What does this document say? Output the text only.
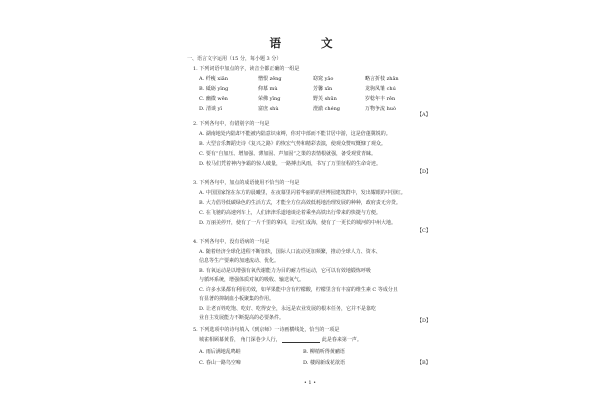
语 文
一、语言文字运用（15 分，每小题 3 分）
1. 下列词语中加点的字，读音全都正确的一组是
A. 纤瘦 xiān	憎恨 zēng	窈窕 yǎo	略言折枝 zhān
B. 砥砺 yǐng	仰慕 mù	芳馨 xīn	龙驹凤雏 chú
C. 幽微 wēn	荣佛 yīng	野芙 shūn	岁稔年丰 rěn
D. 清谈 yǐ	富庶 shù	澄澈 chéng	万物争流 huò
【A】
2. 下列各句中，有错别字的一句是
A. 湖南地处内陆却不能被内陆意识束缚，你对中部而不能甘居中游，这是倍蓬冀锐的。
B. 大型音乐舞蹈史诗《复兴之路》的恢宏气势和精彩表演，使观众赞叹慨慷了观众。
C. 要有“自加压、增加强、薄加固、声加固”之策的表情根就强，备受观赏青睐。
D. 校马们凭着神内争霸的惊人破量，一路搏击风雨，书写了万里征程的生命奇迹。
【D】
3. 下列各句中，加点的成语使用不恰当的一句是
A. 中国国家馆在东方的晨曦里，在夜幕里闪着华丽的的世博园建筑群中，发出耀眼的中国红。
B. 大力倡导低碳绿色的生活方式，才能全方位高效低耗地治理发展的种种，政府责无旁贷。
C. 在飞驰的高速列车上，人们津津乐道地谈论着乘坐高铁出行带来的快捷与方便。
D. 万丽美停开，使有了一片千里的拿回，让河汇成海，使有了一更长的城河的中州大地。
【C】
4. 下列各句中，没有语病的一句是
A. 随着经济全球化进程不断加快，国际人口流动更加频繁，推动全球人力、资本、
信息等生产要素的加速流动、优化。
B. 有氧运动是以增强有氧代谢能力为目的耐力性运动，它可以有效地锻炼呼吸
与循环系统，增强体质对氧的吸收、输送氧气。
C. 许多水果都有利用功效，如苹果能中含有柠檬酸，柠檬里含有丰富的维生素 C 等成分且
有显著的抑制血小板聚集的作用。
D. 让老百姓吃饱、吃好、吃得安全，永远是农业发展的根本任务，它并不是靠吃
业自主发展能力不断提高的必要条件。	【D】
5. 下列选项中的诗句填入《到京师》一诗画横线处，恰当的一项是
城雀相顾幕黄昏， 角门深巷少人行，	此是春来第一声。
A. 雨后满地乱鸣蛙	B. 柳梢听得黄鹂语
C. 春山一路鸟空啼	D. 楼阁新成花欲语	【B】
• 1 •
